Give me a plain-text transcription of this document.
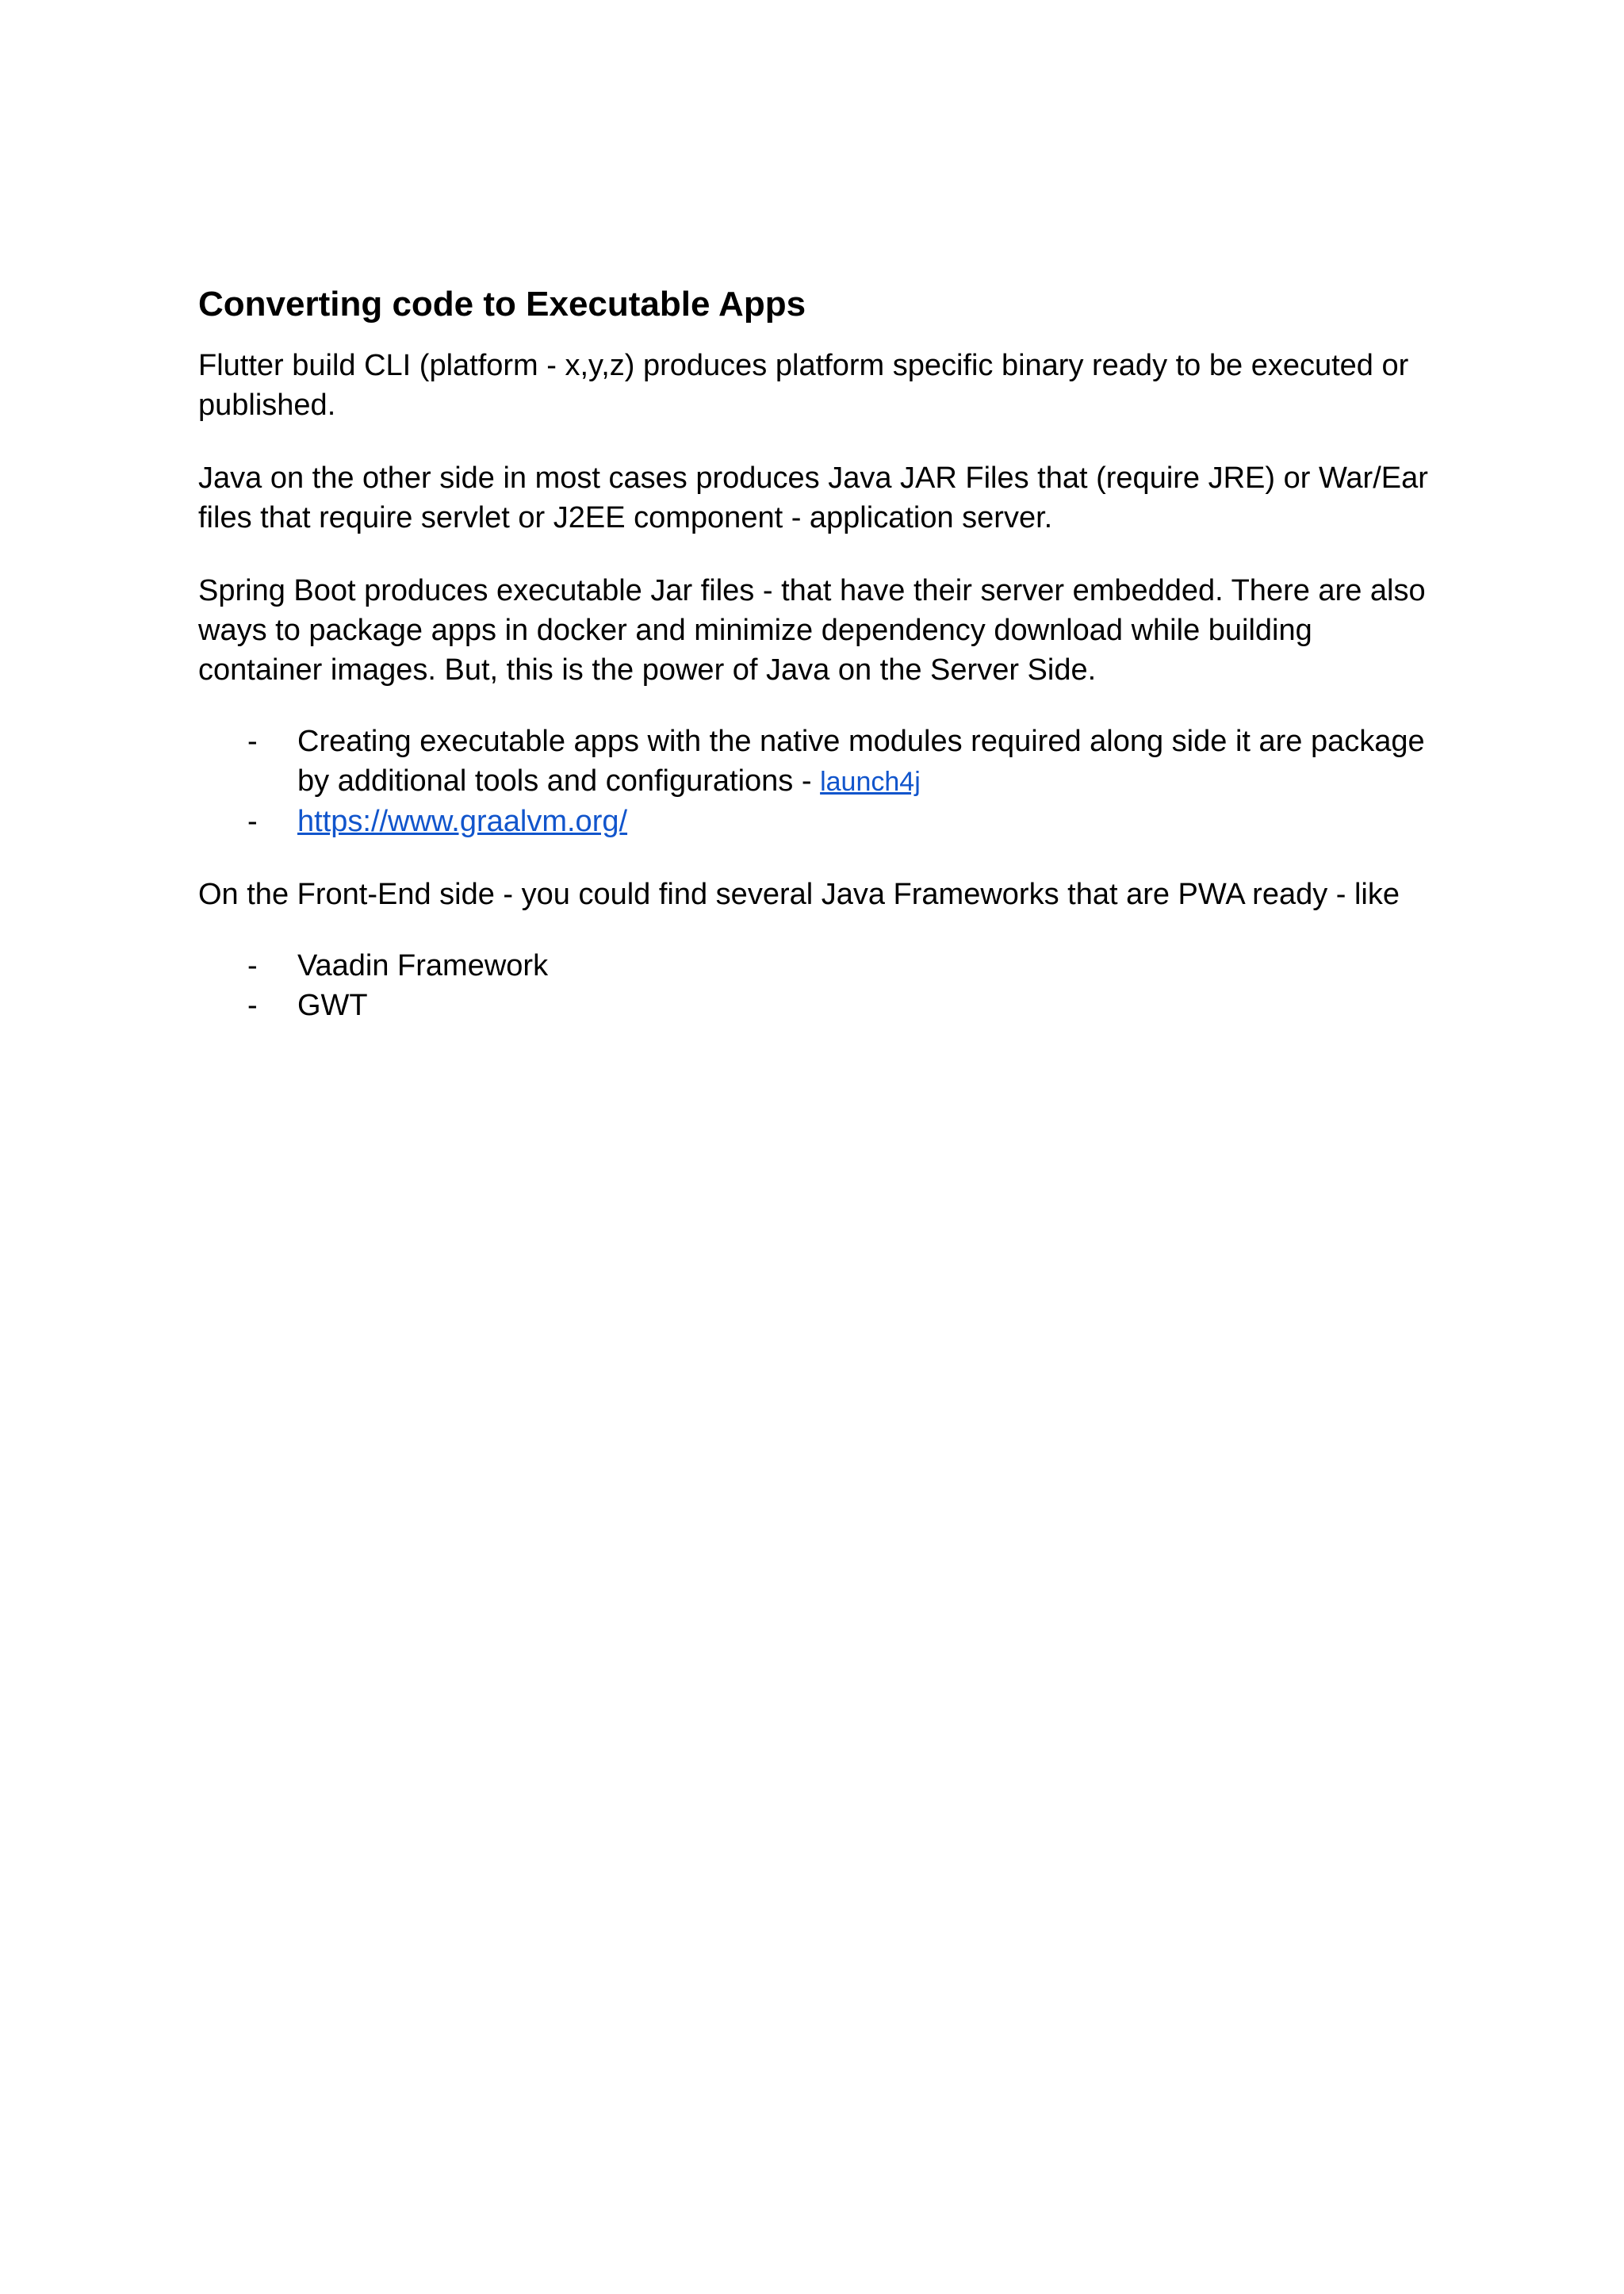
Converting code to Executable Apps

Flutter build CLI (platform - x,y,z) produces platform specific binary ready to be executed or published.

Java on the other side in most cases produces Java JAR Files that (require JRE) or War/Ear files that require servlet or J2EE component - application server.

Spring Boot produces executable Jar files - that have their server embedded. There are also ways to package apps in docker and minimize dependency download while building container images. But, this is the power of Java on the Server Side.

- Creating executable apps with the native modules required along side it are package by additional tools and configurations - launch4j
- https://www.graalvm.org/

On the Front-End side - you could find several Java Frameworks that are PWA ready - like

- Vaadin Framework
- GWT
